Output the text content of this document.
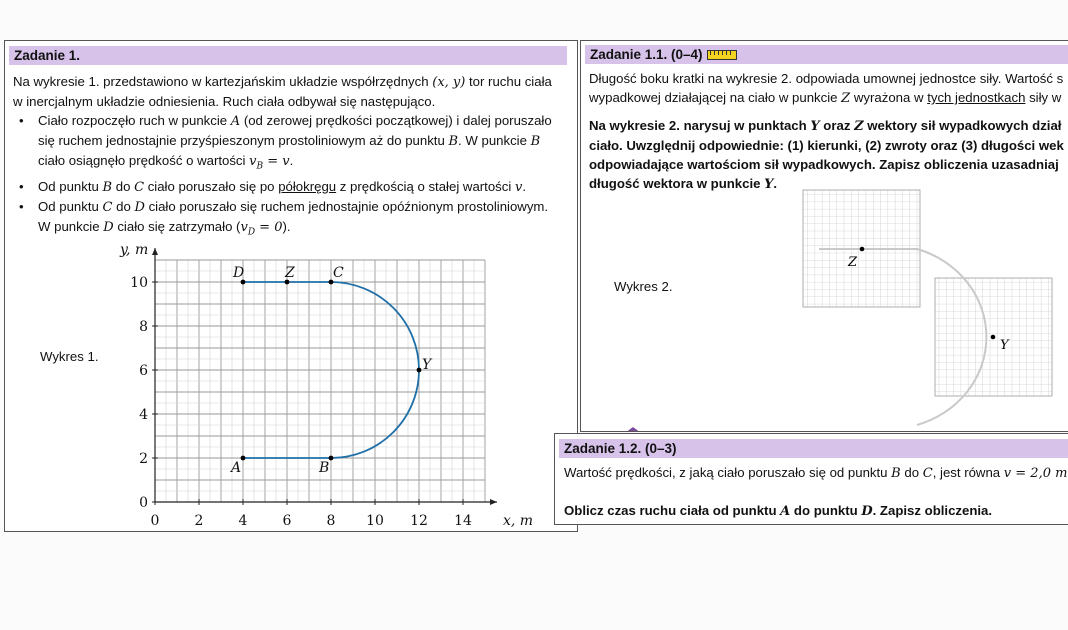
Zadanie 1.1. (0–4)
Długość boku kratki na wykresie 2. odpowiada umownej jednostce siły. Wartość s
wypadkowej działającej na ciało w punkcie Z wyrażona w tych jednostkach siły w
Na wykresie 2. narysuj w punktach Y oraz Z wektory sił wypadkowych dział
ciało. Uwzględnij odpowiednie: (1) kierunki, (2) zwroty oraz (3) długości wek
odpowiadające wartościom sił wypadkowych. Zapisz obliczenia uzasadniaj
długość wektora w punkcie Y.
Wykres 2.
Z
Y
Zadanie 1.
Na wykresie 1. przedstawiono w kartezjańskim układzie współrzędnych (x, y) tor ruchu ciała
w inercjalnym układzie odniesienia. Ruch ciała odbywał się następująco.
• Ciało rozpoczęło ruch w punkcie A (od zerowej prędkości początkowej) i dalej poruszało
się ruchem jednostajnie przyśpieszonym prostoliniowym aż do punktu B. W punkcie B
ciało osiągnęło prędkość o wartości $v_B = v$.
• Od punktu B do C ciało poruszało się po półokręgu z prędkością o stałej wartości v.
• Od punktu C do D ciało poruszało się ruchem jednostajnie opóźnionym prostoliniowym.
W punkcie D ciało się zatrzymało $(v_D = 0)$.
Wykres 1.
0	2	4	6	8 10 12 14
0
2
4
6
8
10
x, m
y, m
A	B
Y
C
Z
D
Zadanie 1.2. (0–3)
Wartość prędkości, z jaką ciało poruszało się od punktu B do C, jest równa v = 2,0 m
Oblicz czas ruchu ciała od punktu A do punktu D. Zapisz obliczenia.
